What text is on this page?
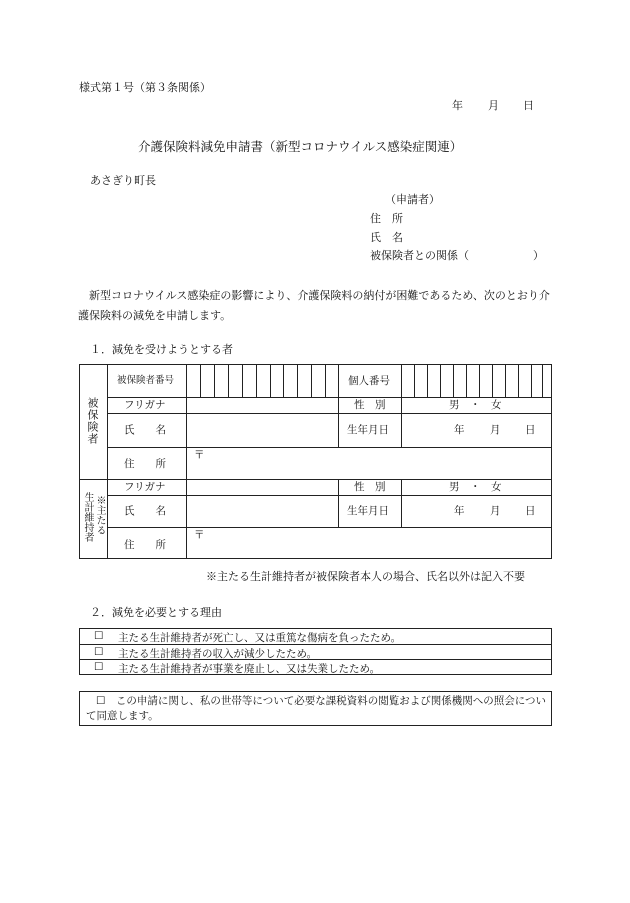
様式第１号（第３条関係）
年 月 日
介護保険料減免申請書（新型コロナウイルス感染症関連）
あさぎり町長
（申請者）
住　所
氏　名
被保険者との関係（	）
新型コロナウイルス感染症の影響により、介護保険料の納付が困難であるため、次のとおり介護保険料の減免を申請します。
１．減免を受けようとする者
被保険者
※主たる
生計維持者
被保険者番号	個人番号
フリガナ	性　別	男　・　女
氏　　名	生年月日	年 月 日
住　　所
〒
フリガナ	性　別	男　・　女
氏　　名	生年月日	年 月 日
住　　所
〒
※主たる生計維持者が被保険者本人の場合、氏名以外は記入不要
２．減免を必要とする理由
☐ 主たる生計維持者が死亡し、又は重篤な傷病を負ったため。
☐ 主たる生計維持者の収入が減少したため。
☐ 主たる生計維持者が事業を廃止し、又は失業したため。
☐　 この申請に関し、私の世帯等について必要な課税資料の閲覧および関係機関への照会について同意します。
